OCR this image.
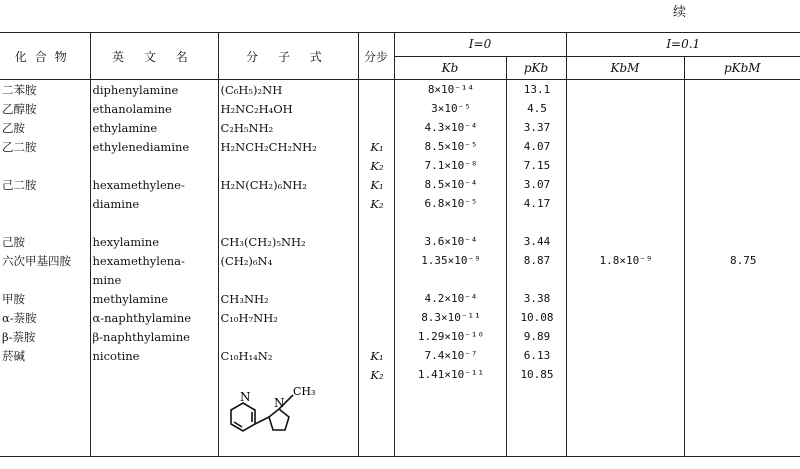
续
化合物	英 文 名	分 子 式	分步	I=0		I=0.1	
				Kb	pKb	KbM	pKbM
二苯胺	diphenylamine	(C₆H₅)₂NH		8×10⁻¹⁴	13.1		
乙醇胺	ethanolamine	H₂NC₂H₄OH		3×10⁻⁵	4.5		
乙胺	ethylamine	C₂H₅NH₂		4.3×10⁻⁴	3.37		
乙二胺	ethylenediamine	H₂NCH₂CH₂NH₂	K₁	8.5×10⁻⁵	4.07		
			K₂	7.1×10⁻⁸	7.15		
己二胺	hexamethylene-	H₂N(CH₂)₆NH₂	K₁	8.5×10⁻⁴	3.07		
	diamine		K₂	6.8×10⁻⁵	4.17		

己胺	hexylamine	CH₃(CH₂)₅NH₂		3.6×10⁻⁴	3.44		
六次甲基四胺	hexamethylena-	(CH₂)₆N₄		1.35×10⁻⁹	8.87	1.8×10⁻⁹	8.75
	mine						
甲胺	methylamine	CH₃NH₂		4.2×10⁻⁴	3.38		
α-萘胺	α-naphthylamine	C₁₀H₇NH₂		8.3×10⁻¹¹	10.08		
β-萘胺	β-naphthylamine			1.29×10⁻¹⁰	9.89		
菸碱	nicotine	C₁₀H₁₄N₂	K₁	7.4×10⁻⁷	6.13		
			K₂	1.41×10⁻¹¹	10.85		

N N
CH₃					
